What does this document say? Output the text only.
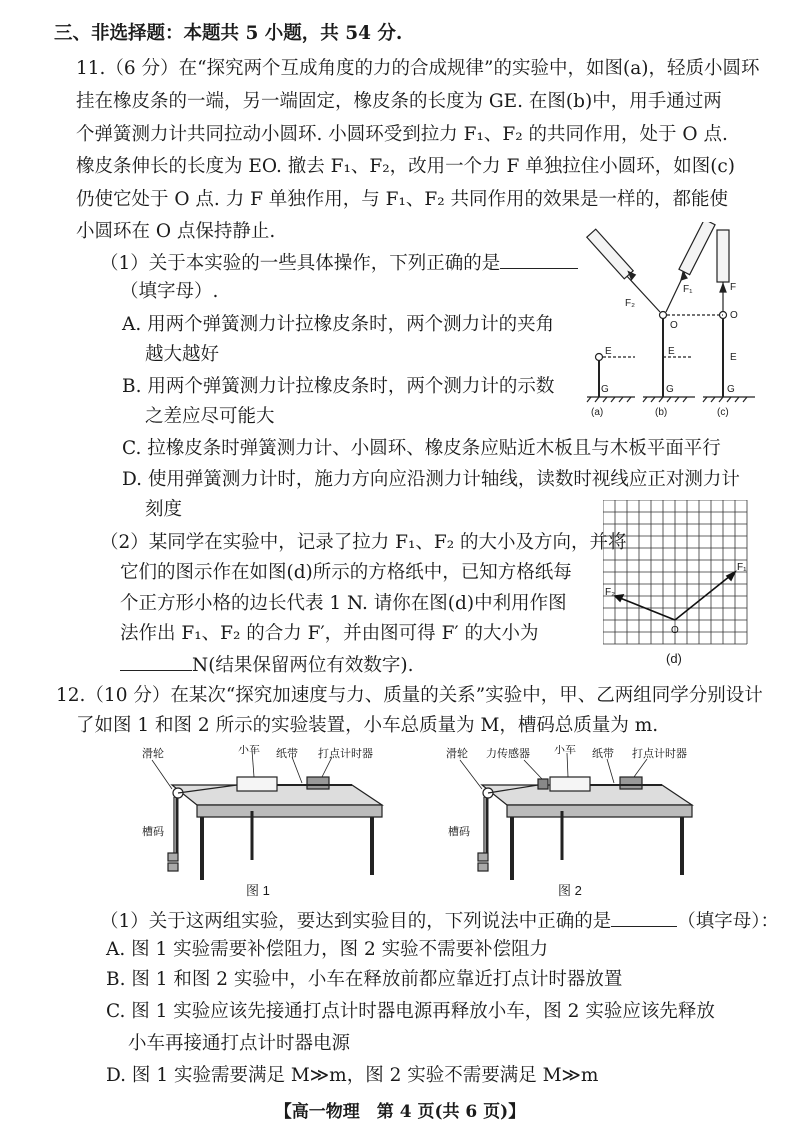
三、非选择题：本题共 5 小题，共 54 分.
11.（6 分）在“探究两个互成角度的力的合成规律”的实验中，如图(a)，轻质小圆环
挂在橡皮条的一端，另一端固定，橡皮条的长度为 GE. 在图(b)中，用手通过两
个弹簧测力计共同拉动小圆环. 小圆环受到拉力 F₁、F₂ 的共同作用，处于 O 点.
橡皮条伸长的长度为 EO. 撤去 F₁、F₂，改用一个力 F 单独拉住小圆环，如图(c)
仍使它处于 O 点. 力 F 单独作用，与 F₁、F₂ 共同作用的效果是一样的，都能使
小圆环在 O 点保持静止.
（1）关于本实验的一些具体操作，下列正确的是
（填字母）.
A. 用两个弹簧测力计拉橡皮条时，两个测力计的夹角
越大越好
B. 用两个弹簧测力计拉橡皮条时，两个测力计的示数
之差应尽可能大
C. 拉橡皮条时弹簧测力计、小圆环、橡皮条应贴近木板且与木板平面平行
D. 使用弹簧测力计时，施力方向应沿测力计轴线，读数时视线应正对测力计
刻度
G
E
G
E
O
F₁
F₂
G
E
O
F
(a)	(b)	(c)
（2）某同学在实验中，记录了拉力 F₁、F₂ 的大小及方向，并将
它们的图示作在如图(d)所示的方格纸中，已知方格纸每
个正方形小格的边长代表 1 N. 请你在图(d)中利用作图
法作出 F₁、F₂ 的合力 F′，并由图可得 F′ 的大小为
N(结果保留两位有效数字).
F₂
F₁
O
(d)
12.（10 分）在某次“探究加速度与力、质量的关系”实验中，甲、乙两组同学分别设计
了如图 1 和图 2 所示的实验装置，小车总质量为 M，槽码总质量为 m.
滑轮	小车 纸带 打点计时器
槽码
图 1
滑轮 力传感器 小车 纸带 打点计时器
槽码
图 2
（1）关于这两组实验，要达到实验目的，下列说法中正确的是	（填字母）：
A. 图 1 实验需要补偿阻力，图 2 实验不需要补偿阻力
B. 图 1 和图 2 实验中，小车在释放前都应靠近打点计时器放置
C. 图 1 实验应该先接通打点计时器电源再释放小车，图 2 实验应该先释放
小车再接通打点计时器电源
D. 图 1 实验需要满足 M≫m，图 2 实验不需要满足 M≫m
【高一物理　第 4 页(共 6 页)】
